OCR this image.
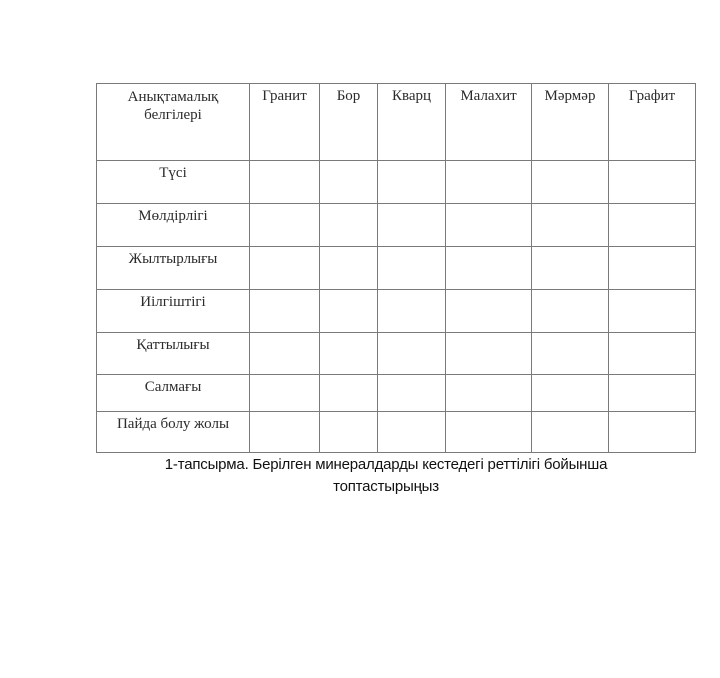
Анықтамалық
белгілері	Гранит	Бор	Кварц	Малахит	Мәрмәр	Графит

Түсі						

Мөлдірлігі						

Жылтырлығы						

Иілгіштігі						

Қаттылығы						

Салмағы						

Пайда болу жолы						

1-тапсырма. Берілген минералдарды кестедегі реттілігі бойынша
топтастырыңыз
